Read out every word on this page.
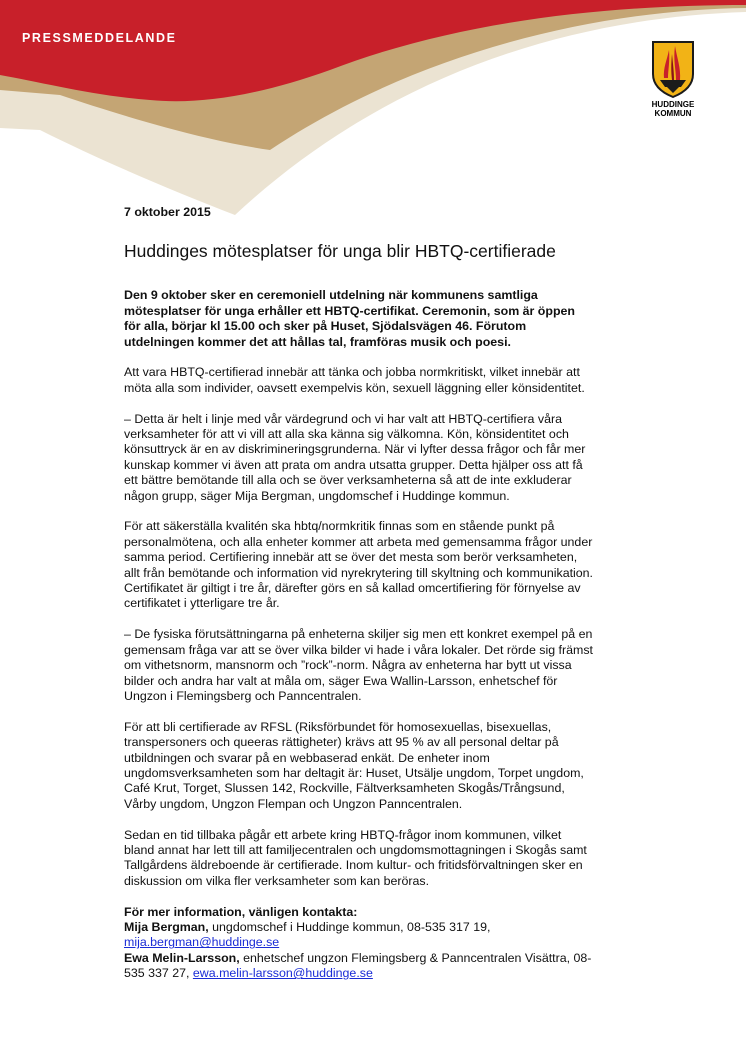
PRESSMEDDELANDE
HUDDINGE
KOMMUN

7 oktober 2015

Huddinges mötesplatser för unga blir HBTQ-certifierade

Den 9 oktober sker en ceremoniell utdelning när kommunens samtliga mötesplatser för unga erhåller ett HBTQ-certifikat. Ceremonin, som är öppen för alla, börjar kl 15.00 och sker på Huset, Sjödalsvägen 46. Förutom utdelningen kommer det att hållas tal, framföras musik och poesi.

Att vara HBTQ-certifierad innebär att tänka och jobba normkritiskt, vilket innebär att möta alla som individer, oavsett exempelvis kön, sexuell läggning eller könsidentitet.

– Detta är helt i linje med vår värdegrund och vi har valt att HBTQ-certifiera våra verksamheter för att vi vill att alla ska känna sig välkomna. Kön, könsidentitet och könsuttryck är en av diskrimineringsgrunderna. När vi lyfter dessa frågor och får mer kunskap kommer vi även att prata om andra utsatta grupper. Detta hjälper oss att få ett bättre bemötande till alla och se över verksamheterna så att de inte exkluderar någon grupp, säger Mija Bergman, ungdomschef i Huddinge kommun.

För att säkerställa kvalitén ska hbtq/normkritik finnas som en stående punkt på personalmötena, och alla enheter kommer att arbeta med gemensamma frågor under samma period. Certifiering innebär att se över det mesta som berör verksamheten, allt från bemötande och information vid nyrekrytering till skyltning och kommunikation. Certifikatet är giltigt i tre år, därefter görs en så kallad omcertifiering för förnyelse av certifikatet i ytterligare tre år.

– De fysiska förutsättningarna på enheterna skiljer sig men ett konkret exempel på en gemensam fråga var att se över vilka bilder vi hade i våra lokaler. Det rörde sig främst om vithetsnorm, mansnorm och ”rock”-norm. Några av enheterna har bytt ut vissa bilder och andra har valt at måla om, säger Ewa Wallin-Larsson, enhetschef för Ungzon i Flemingsberg och Panncentralen.

För att bli certifierade av RFSL (Riksförbundet för homosexuellas, bisexuellas, transpersoners och queeras rättigheter) krävs att 95 % av all personal deltar på utbildningen och svarar på en webbaserad enkät. De enheter inom ungdomsverksamheten som har deltagit är: Huset, Utsälje ungdom, Torpet ungdom, Café Krut, Torget, Slussen 142, Rockville, Fältverksamheten Skogås/Trångsund, Vårby ungdom, Ungzon Flempan och Ungzon Panncentralen.

Sedan en tid tillbaka pågår ett arbete kring HBTQ-frågor inom kommunen, vilket bland annat har lett till att familjecentralen och ungdomsmottagningen i Skogås samt Tallgårdens äldreboende är certifierade. Inom kultur- och fritidsförvaltningen sker en diskussion om vilka fler verksamheter som kan beröras.

För mer information, vänligen kontakta:
Mija Bergman, ungdomschef i Huddinge kommun, 08-535 317 19,
mija.bergman@huddinge.se
Ewa Melin-Larsson, enhetschef ungzon Flemingsberg & Panncentralen Visättra, 08-535 337 27, ewa.melin-larsson@huddinge.se
